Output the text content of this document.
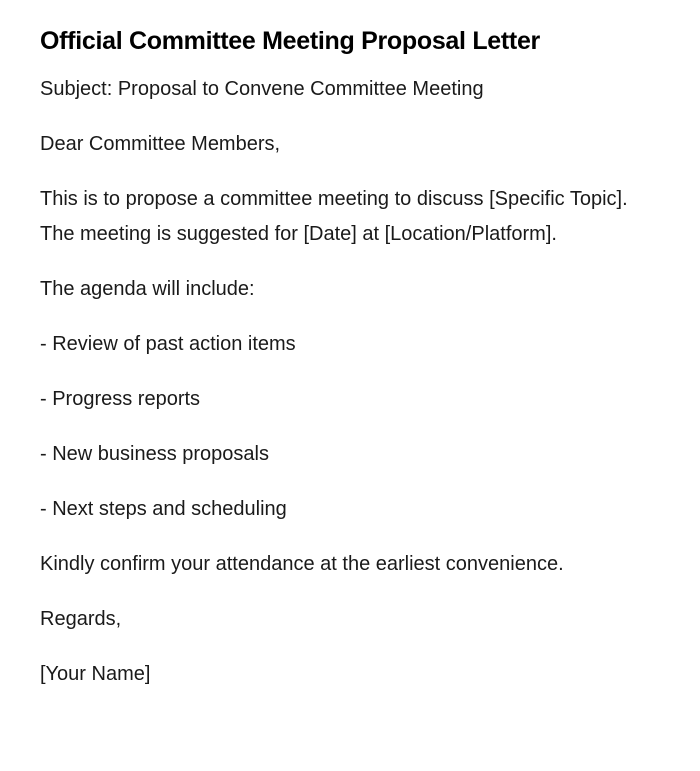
Official Committee Meeting Proposal Letter

Subject: Proposal to Convene Committee Meeting

Dear Committee Members,

This is to propose a committee meeting to discuss [Specific Topic]. The meeting is suggested for [Date] at [Location/Platform].

The agenda will include:

- Review of past action items

- Progress reports

- New business proposals

- Next steps and scheduling

Kindly confirm your attendance at the earliest convenience.

Regards,

[Your Name]
